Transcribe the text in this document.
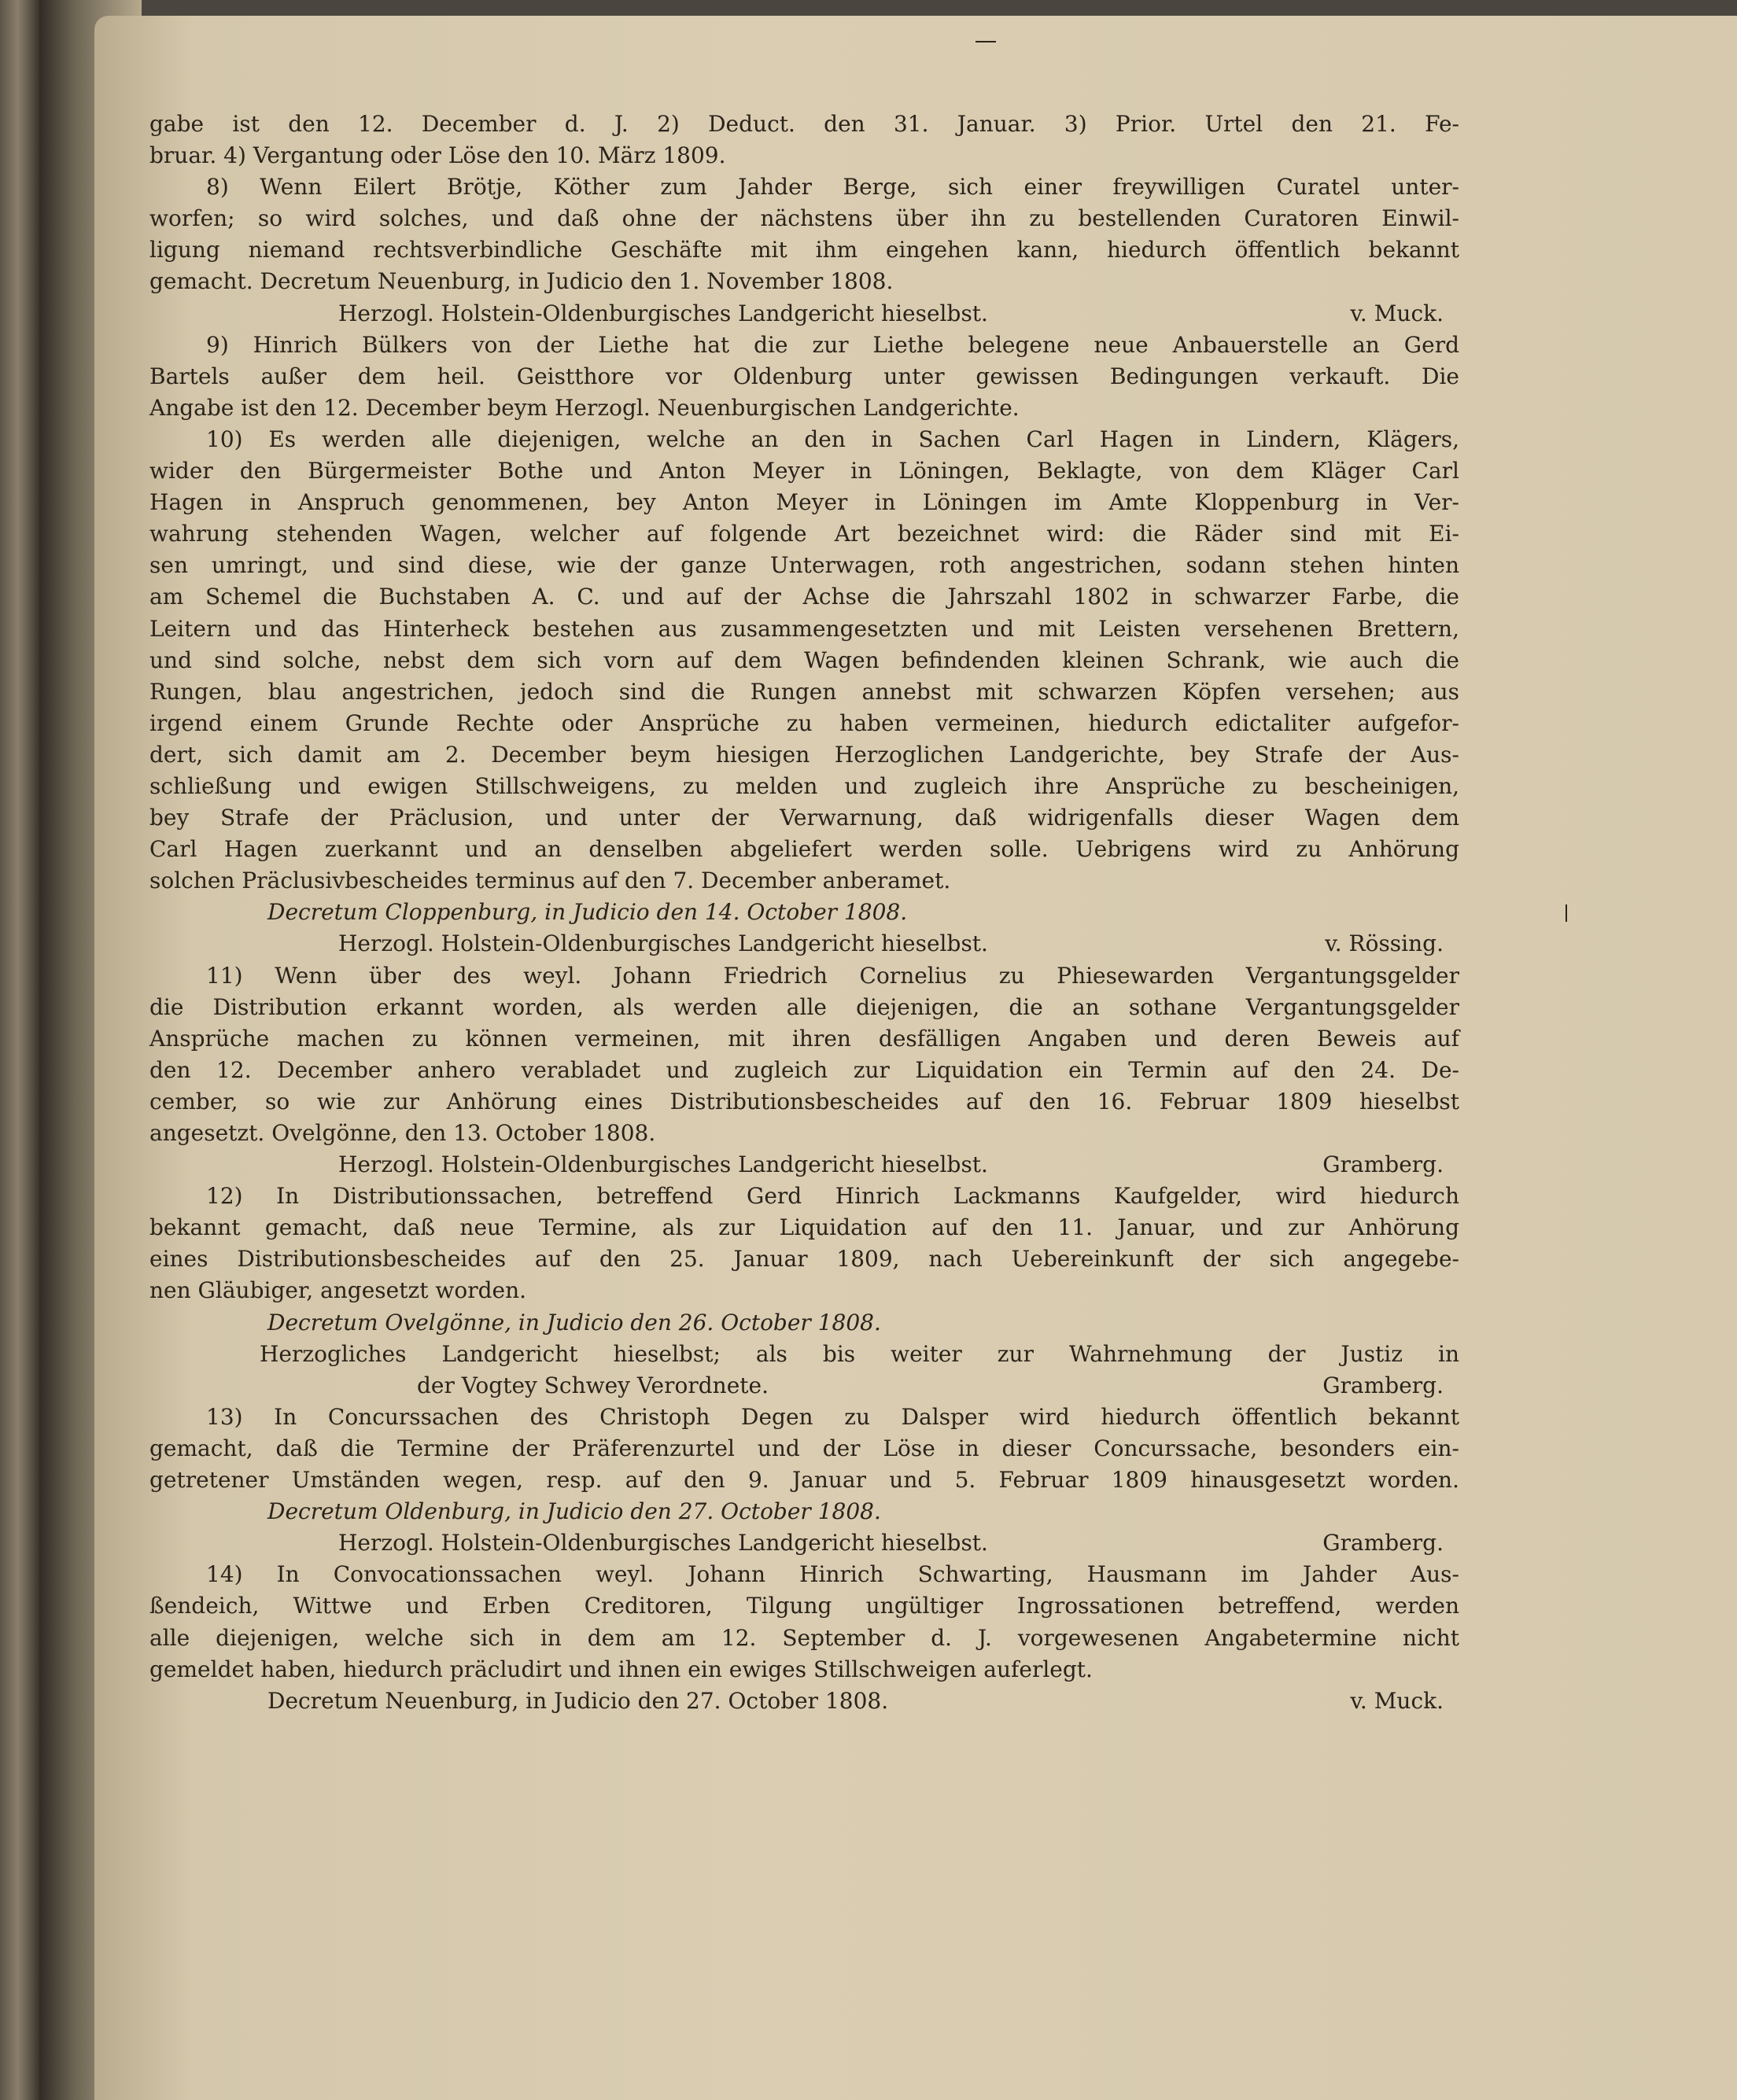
gabe ist den 12. December d. J. 2) Deduct. den 31. Januar. 3) Prior. Urtel den 21. Fe-
bruar. 4) Vergantung oder Löse den 10. März 1809.
8) Wenn Eilert Brötje, Köther zum Jahder Berge, sich einer freywilligen Curatel unter-
worfen; so wird solches, und daß ohne der nächstens über ihn zu bestellenden Curatoren Einwil-
ligung niemand rechtsverbindliche Geschäfte mit ihm eingehen kann, hiedurch öffentlich bekannt
gemacht. Decretum Neuenburg, in Judicio den 1. November 1808.
Herzogl. Holstein-Oldenburgisches Landgericht hieselbst.	v. Muck.
9) Hinrich Bülkers von der Liethe hat die zur Liethe belegene neue Anbauerstelle an Gerd
Bartels außer dem heil. Geistthore vor Oldenburg unter gewissen Bedingungen verkauft. Die
Angabe ist den 12. December beym Herzogl. Neuenburgischen Landgerichte.
10) Es werden alle diejenigen, welche an den in Sachen Carl Hagen in Lindern, Klägers,
wider den Bürgermeister Bothe und Anton Meyer in Löningen, Beklagte, von dem Kläger Carl
Hagen in Anspruch genommenen, bey Anton Meyer in Löningen im Amte Kloppenburg in Ver-
wahrung stehenden Wagen, welcher auf folgende Art bezeichnet wird: die Räder sind mit Ei-
sen umringt, und sind diese, wie der ganze Unterwagen, roth angestrichen, sodann stehen hinten
am Schemel die Buchstaben A. C. und auf der Achse die Jahrszahl 1802 in schwarzer Farbe, die
Leitern und das Hinterheck bestehen aus zusammengesetzten und mit Leisten versehenen Brettern,
und sind solche, nebst dem sich vorn auf dem Wagen befindenden kleinen Schrank, wie auch die
Rungen, blau angestrichen, jedoch sind die Rungen annebst mit schwarzen Köpfen versehen; aus
irgend einem Grunde Rechte oder Ansprüche zu haben vermeinen, hiedurch edictaliter aufgefor-
dert, sich damit am 2. December beym hiesigen Herzoglichen Landgerichte, bey Strafe der Aus-
schließung und ewigen Stillschweigens, zu melden und zugleich ihre Ansprüche zu bescheinigen,
bey Strafe der Präclusion, und unter der Verwarnung, daß widrigenfalls dieser Wagen dem
Carl Hagen zuerkannt und an denselben abgeliefert werden solle. Uebrigens wird zu Anhörung
solchen Präclusivbescheides terminus auf den 7. December anberamet.
Decretum Cloppenburg, in Judicio den 14. October 1808.
Herzogl. Holstein-Oldenburgisches Landgericht hieselbst.	v. Rössing.
11) Wenn über des weyl. Johann Friedrich Cornelius zu Phiesewarden Vergantungsgelder
die Distribution erkannt worden, als werden alle diejenigen, die an sothane Vergantungsgelder
Ansprüche machen zu können vermeinen, mit ihren desfälligen Angaben und deren Beweis auf
den 12. December anhero verabladet und zugleich zur Liquidation ein Termin auf den 24. De-
cember, so wie zur Anhörung eines Distributionsbescheides auf den 16. Februar 1809 hieselbst
angesetzt. Ovelgönne, den 13. October 1808.
Herzogl. Holstein-Oldenburgisches Landgericht hieselbst.	Gramberg.
12) In Distributionssachen, betreffend Gerd Hinrich Lackmanns Kaufgelder, wird hiedurch
bekannt gemacht, daß neue Termine, als zur Liquidation auf den 11. Januar, und zur Anhörung
eines Distributionsbescheides auf den 25. Januar 1809, nach Uebereinkunft der sich angegebe-
nen Gläubiger, angesetzt worden.
Decretum Ovelgönne, in Judicio den 26. October 1808.
Herzogliches Landgericht hieselbst; als bis weiter zur Wahrnehmung der Justiz in
der Vogtey Schwey Verordnete.	Gramberg.
13) In Concurssachen des Christoph Degen zu Dalsper wird hiedurch öffentlich bekannt
gemacht, daß die Termine der Präferenzurtel und der Löse in dieser Concurssache, besonders ein-
getretener Umständen wegen, resp. auf den 9. Januar und 5. Februar 1809 hinausgesetzt worden.
Decretum Oldenburg, in Judicio den 27. October 1808.
Herzogl. Holstein-Oldenburgisches Landgericht hieselbst.	Gramberg.
14) In Convocationssachen weyl. Johann Hinrich Schwarting, Hausmann im Jahder Aus-
ßendeich, Wittwe und Erben Creditoren, Tilgung ungültiger Ingrossationen betreffend, werden
alle diejenigen, welche sich in dem am 12. September d. J. vorgewesenen Angabetermine nicht
gemeldet haben, hiedurch präcludirt und ihnen ein ewiges Stillschweigen auferlegt.
Decretum Neuenburg, in Judicio den 27. October 1808.	v. Muck.
